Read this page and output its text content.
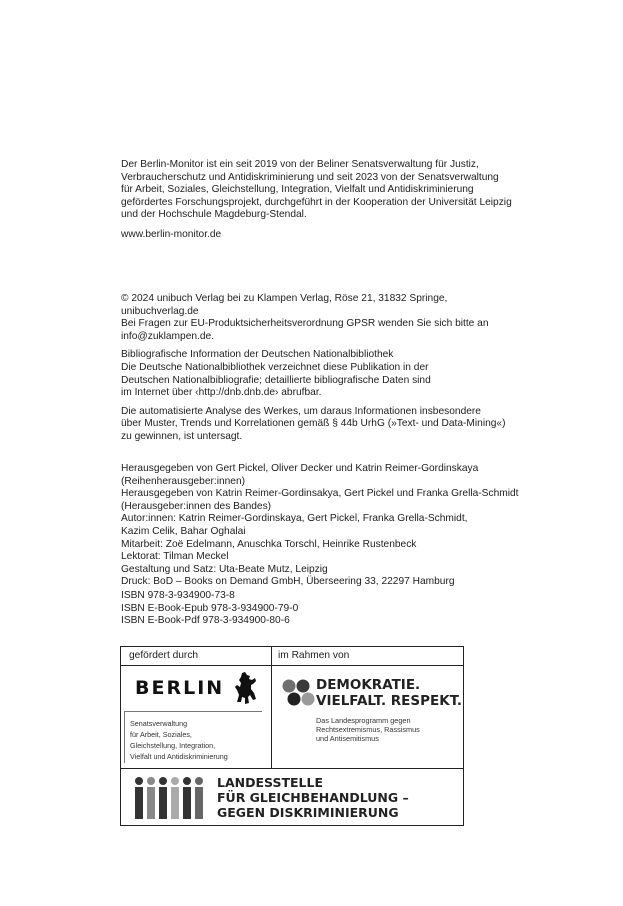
Der Berlin-Monitor ist ein seit 2019 von der Beliner Senatsverwaltung für Justiz,
Verbraucherschutz und Antidiskriminierung und seit 2023 von der Senatsverwaltung
für Arbeit, Soziales, Gleichstellung, Integration, Vielfalt und Antidiskriminierung
gefördertes Forschungsprojekt, durchgeführt in der Kooperation der Universität Leipzig
und der Hochschule Magdeburg-Stendal.
www.berlin-monitor.de

© 2024 unibuch Verlag bei zu Klampen Verlag, Röse 21, 31832 Springe,
unibuchverlag.de
Bei Fragen zur EU-Produktsicherheitsverordnung GPSR wenden Sie sich bitte an
info@zuklampen.de.

Bibliografische Information der Deutschen Nationalbibliothek
Die Deutsche Nationalbibliothek verzeichnet diese Publikation in der
Deutschen Nationalbibliografie; detaillierte bibliografische Daten sind
im Internet über ‹http://dnb.dnb.de› abrufbar.

Die automatisierte Analyse des Werkes, um daraus Informationen insbesondere
über Muster, Trends und Korrelationen gemäß § 44b UrhG (»Text- und Data-Mining«)
zu gewinnen, ist untersagt.

Herausgegeben von Gert Pickel, Oliver Decker und Katrin Reimer-Gordinskaya
(Reihenherausgeber:innen)
Herausgegeben von Katrin Reimer-Gordinsakya, Gert Pickel und Franka Grella-Schmidt
(Herausgeber:innen des Bandes)
Autor:innen: Katrin Reimer-Gordinskaya, Gert Pickel, Franka Grella-Schmidt,
Kazim Celik, Bahar Oghalai
Mitarbeit: Zoë Edelmann, Anuschka Torschl, Heinrike Rustenbeck
Lektorat: Tilman Meckel
Gestaltung und Satz: Uta-Beate Mutz, Leipzig
Druck: BoD – Books on Demand GmbH, Überseering 33, 22297 Hamburg
ISBN 978-3-934900-73-8
ISBN E-Book-Epub 978-3-934900-79-0
ISBN E-Book-Pdf 978-3-934900-80-6
gefördert durch	im Rahmen von
BERLIN
Senatsverwaltung
für Arbeit, Soziales,
Gleichstellung, Integration,
Vielfalt und Antidiskriminierung
DEMOKRATIE.
VIELFALT. RESPEKT.
Das Landesprogramm gegen
Rechtsextremismus, Rassismus
und Antisemitismus
LANDESSTELLE
FÜR GLEICHBEHANDLUNG –
GEGEN DISKRIMINIERUNG
